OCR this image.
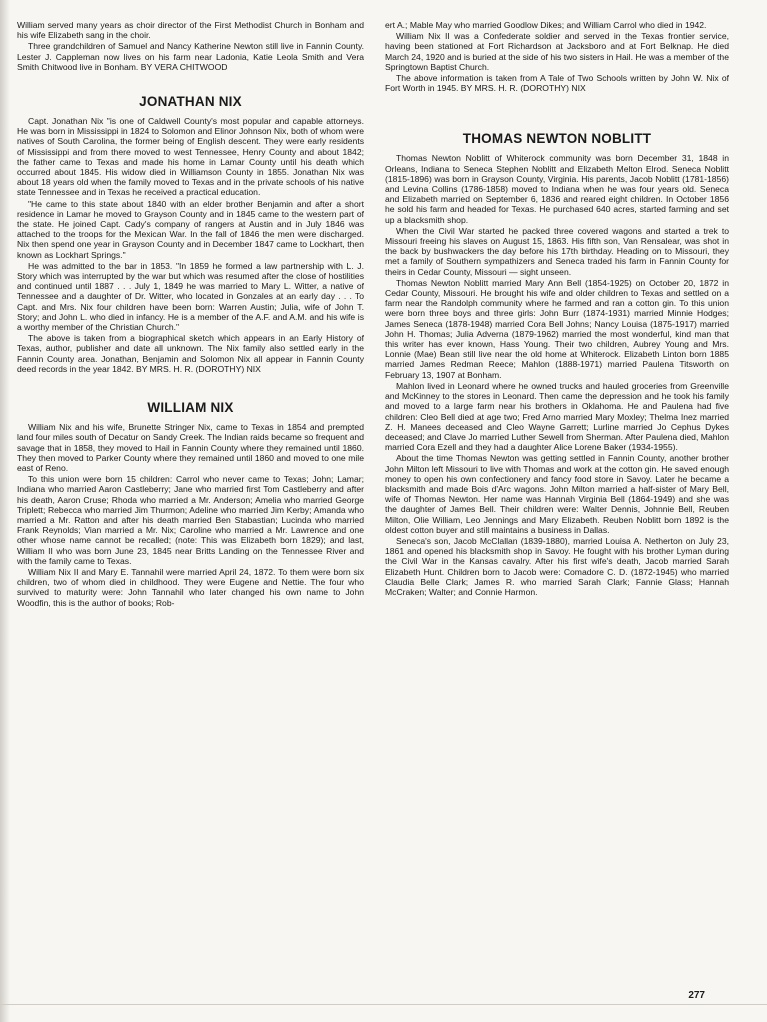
William served many years as choir director of the First Methodist Church in Bonham and his wife Elizabeth sang in the choir.

Three grandchildren of Samuel and Nancy Katherine Newton still live in Fannin County. Lester J. Cappleman now lives on his farm near Ladonia, Katie Leola Smith and Vera Smith Chitwood live in Bonham. BY VERA CHITWOOD

JONATHAN NIX

Capt. Jonathan Nix "is one of Caldwell County's most popular and capable attorneys. He was born in Mississippi in 1824 to Solomon and Elinor Johnson Nix, both of whom were natives of South Carolina, the former being of English descent. They were early residents of Mississippi and from there moved to west Tennessee, Henry County and about 1842; the father came to Texas and made his home in Lamar County until his death which occurred about 1845. His widow died in Williamson County in 1855. Jonathan Nix was about 18 years old when the family moved to Texas and in the private schools of his native state Tennessee and in Texas he received a practical education.

"He came to this state about 1840 with an elder brother Benjamin and after a short residence in Lamar he moved to Grayson County and in 1845 came to the western part of the state. He joined Capt. Cady's company of rangers at Austin and in July 1846 was attached to the troops for the Mexican War. In the fall of 1846 the men were discharged. Nix then spend one year in Grayson County and in December 1847 came to Lockhart, then known as Lockhart Springs."

He was admitted to the bar in 1853. "In 1859 he formed a law partnership with L. J. Story which was interrupted by the war but which was resumed after the close of hostilities and continued until 1887 . . . July 1, 1849 he was married to Mary L. Witter, a native of Tennessee and a daughter of Dr. Witter, who located in Gonzales at an early day . . . To Capt. and Mrs. Nix four children have been born: Warren Austin; Julia, wife of John T. Story; and John L. who died in infancy. He is a member of the A.F. and A.M. and his wife is a worthy member of the Christian Church."

The above is taken from a biographical sketch which appears in an Early History of Texas, author, publisher and date all unknown. The Nix family also settled early in the Fannin County area. Jonathan, Benjamin and Solomon Nix all appear in Fannin County deed records in the year 1842. BY MRS. H. R. (DOROTHY) NIX

WILLIAM NIX

William Nix and his wife, Brunette Stringer Nix, came to Texas in 1854 and prempted land four miles south of Decatur on Sandy Creek. The Indian raids became so frequent and savage that in 1858, they moved to Hail in Fannin County where they remained until 1860. They then moved to Parker County where they remained until 1860 and moved to one mile east of Reno.

To this union were born 15 children: Carrol who never came to Texas; John; Lamar; Indiana who married Aaron Castleberry; Jane who married first Tom Castleberry and after his death, Aaron Cruse; Rhoda who married a Mr. Anderson; Amelia who married George Triplett; Rebecca who married Jim Thurmon; Adeline who married Jim Kerby; Amanda who married a Mr. Ratton and after his death married Ben Stabastian; Lucinda who married Frank Reynolds; Vian married a Mr. Nix; Caroline who married a Mr. Lawrence and one other whose name cannot be recalled; (note: This was Elizabeth born 1829); and last, William II who was born June 23, 1845 near Britts Landing on the Tennessee River and with the family came to Texas.

William Nix II and Mary E. Tannahil were married April 24, 1872. To them were born six children, two of whom died in childhood. They were Eugene and Nettie. The four who survived to maturity were: John Tannahil who later changed his own name to John Woodfin, this is the author of books; Rob-

ert A.; Mable May who married Goodlow Dikes; and William Carrol who died in 1942.

William Nix II was a Confederate soldier and served in the Texas frontier service, having been stationed at Fort Richardson at Jacksboro and at Fort Belknap. He died March 24, 1920 and is buried at the side of his two sisters in Hail. He was a member of the Springtown Baptist Church.

The above information is taken from A Tale of Two Schools written by John W. Nix of Fort Worth in 1945. BY MRS. H. R. (DOROTHY) NIX

THOMAS NEWTON NOBLITT

Thomas Newton Noblitt of Whiterock community was born December 31, 1848 in Orleans, Indiana to Seneca Stephen Noblitt and Elizabeth Melton Elrod. Seneca Noblitt (1815-1896) was born in Grayson County, Virginia. His parents, Jacob Noblitt (1781-1856) and Levina Collins (1786-1858) moved to Indiana when he was four years old. Seneca and Elizabeth married on September 6, 1836 and reared eight children. In October 1856 he sold his farm and headed for Texas. He purchased 640 acres, started farming and set up a blacksmith shop.

When the Civil War started he packed three covered wagons and started a trek to Missouri freeing his slaves on August 15, 1863. His fifth son, Van Rensalear, was shot in the back by bushwackers the day before his 17th birthday. Heading on to Missouri, they met a family of Southern sympathizers and Seneca traded his farm in Fannin County for theirs in Cedar County, Missouri — sight unseen.

Thomas Newton Noblitt married Mary Ann Bell (1854-1925) on October 20, 1872 in Cedar County, Missouri. He brought his wife and older children to Texas and settled on a farm near the Randolph community where he farmed and ran a cotton gin. To this union were born three boys and three girls: John Burr (1874-1931) married Minnie Hodges; James Seneca (1878-1948) married Cora Bell Johns; Nancy Louisa (1875-1917) married John H. Thomas; Julia Adverna (1879-1962) married the most wonderful, kind man that this writer has ever known, Hass Young. Their two children, Aubrey Young and Mrs. Lonnie (Mae) Bean still live near the old home at Whiterock. Elizabeth Linton born 1885 married James Redman Reece; Mahlon (1888-1971) married Paulena Titsworth on February 13, 1907 at Bonham.

Mahlon lived in Leonard where he owned trucks and hauled groceries from Greenville and McKinney to the stores in Leonard. Then came the depression and he took his family and moved to a large farm near his brothers in Oklahoma. He and Paulena had five children: Cleo Bell died at age two; Fred Arno married Mary Moxley; Thelma Inez married Z. H. Manees deceased and Cleo Wayne Garrett; Lurline married Jo Cephus Dykes deceased; and Clave Jo married Luther Sewell from Sherman. After Paulena died, Mahlon married Cora Ezell and they had a daughter Alice Lorene Baker (1934-1955).

About the time Thomas Newton was getting settled in Fannin County, another brother John Milton left Missouri to live with Thomas and work at the cotton gin. He saved enough money to open his own confectionery and fancy food store in Savoy. Later he became a blacksmith and made Bois d'Arc wagons. John Milton married a half-sister of Mary Bell, wife of Thomas Newton. Her name was Hannah Virginia Bell (1864-1949) and she was the daughter of James Bell. Their children were: Walter Dennis, Johnnie Bell, Reuben Milton, Olie William, Leo Jennings and Mary Elizabeth. Reuben Noblitt born 1892 is the oldest cotton buyer and still maintains a business in Dallas.

Seneca's son, Jacob McClallan (1839-1880), married Louisa A. Netherton on July 23, 1861 and opened his blacksmith shop in Savoy. He fought with his brother Lyman during the Civil War in the Kansas cavalry. After his first wife's death, Jacob married Sarah Elizabeth Hunt. Children born to Jacob were: Comadore C. D. (1872-1945) who married Claudia Belle Clark; James R. who married Sarah Clark; Fannie Glass; Hannah McCraken; Walter; and Connie Harmon.

277
